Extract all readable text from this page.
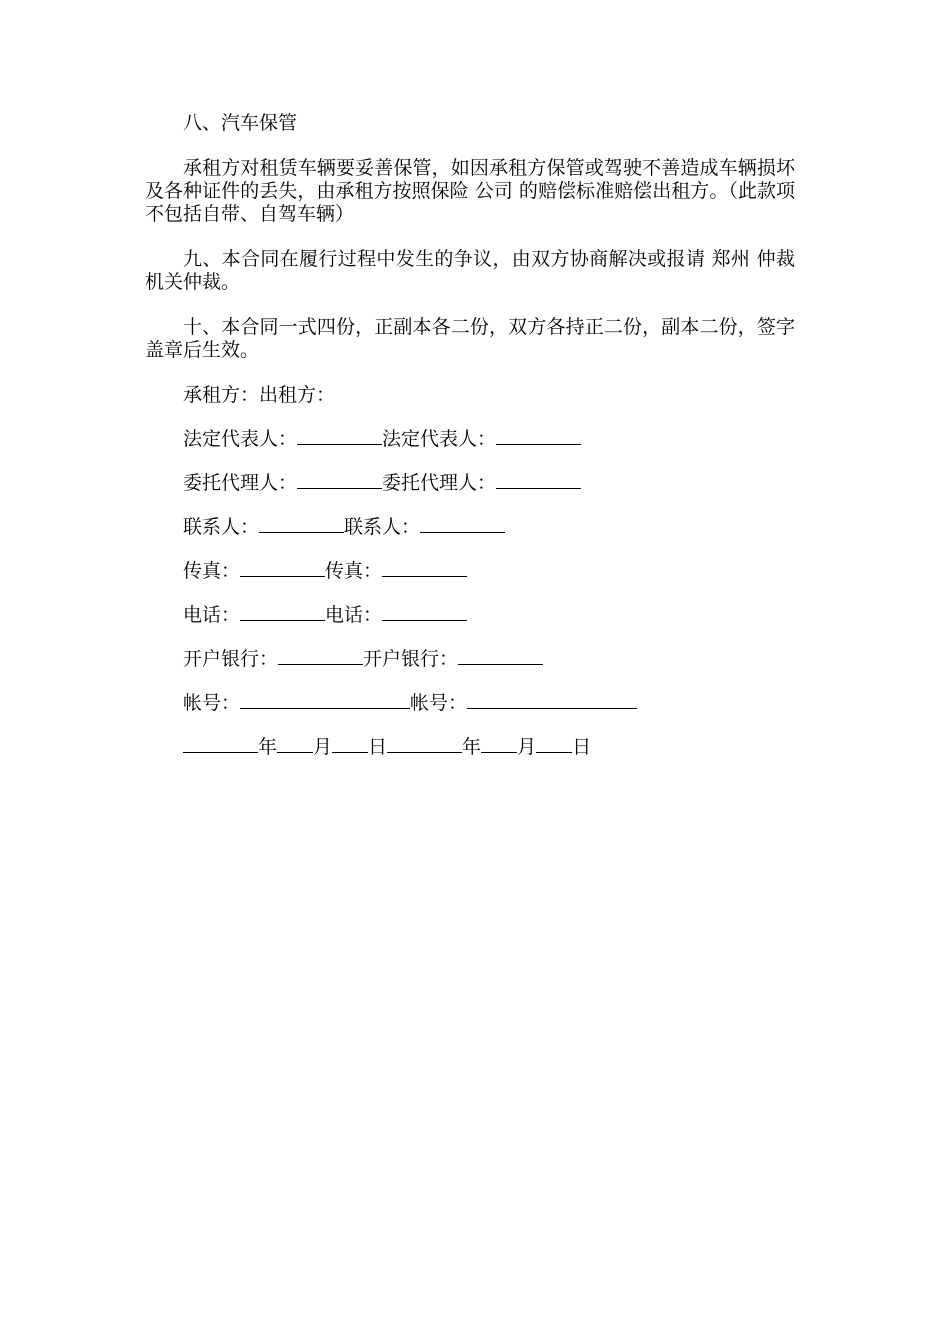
八、汽车保管

承租方对租赁车辆要妥善保管，如因承租方保管或驾驶不善造成车辆损坏及各种证件的丢失，由承租方按照保险 公司 的赔偿标准赔偿出租方。（此款项不包括自带、自驾车辆）

九、本合同在履行过程中发生的争议，由双方协商解决或报请 郑州 仲裁机关仲裁。

十、本合同一式四份，正副本各二份，双方各持正二份，副本二份，签字盖章后生效。

承租方：出租方：
法定代表人：	法定代表人：
委托代理人：	委托代理人：
联系人：	联系人：
传真：	传真：
电话：	电话：
开户银行：	开户银行：
帐号：	帐号：
年 月 日	年 月 日
